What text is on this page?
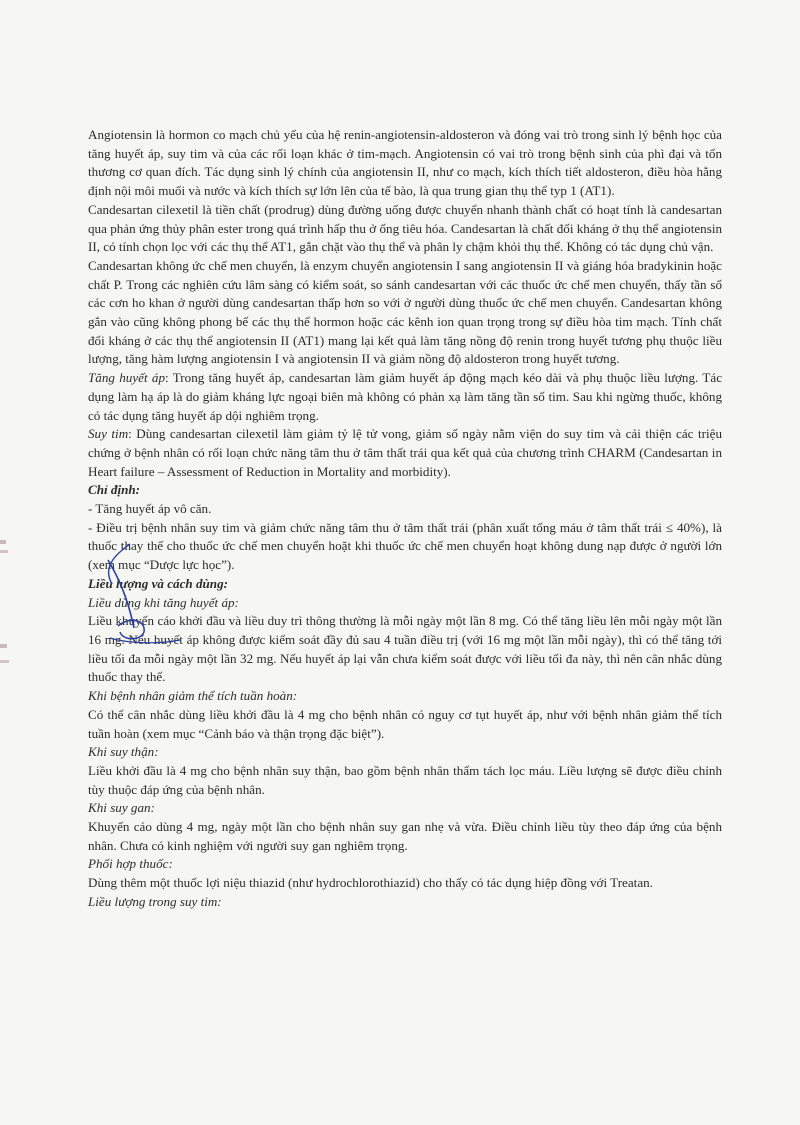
Angiotensin là hormon co mạch chủ yếu của hệ renin-angiotensin-aldosteron và đóng vai trò trong sinh lý bệnh học của tăng huyết áp, suy tim và của các rối loạn khác ở tim-mạch. Angiotensin có vai trò trong bệnh sinh của phì đại và tổn thương cơ quan đích. Tác dụng sinh lý chính của angiotensin II, như co mạch, kích thích tiết aldosteron, điều hòa hằng định nội môi muối và nước và kích thích sự lớn lên của tế bào, là qua trung gian thụ thể typ 1 (AT1).

Candesartan cilexetil là tiền chất (prodrug) dùng đường uống được chuyển nhanh thành chất có hoạt tính là candesartan qua phản ứng thủy phân ester trong quá trình hấp thu ở ống tiêu hóa. Candesartan là chất đối kháng ở thụ thể angiotensin II, có tính chọn lọc với các thụ thể AT1, gắn chặt vào thụ thể và phân ly chậm khỏi thụ thể. Không có tác dụng chủ vận.

Candesartan không ức chế men chuyển, là enzym chuyển angiotensin I sang angiotensin II và giáng hóa bradykinin hoặc chất P. Trong các nghiên cứu lâm sàng có kiểm soát, so sánh candesartan với các thuốc ức chế men chuyển, thấy tần số các cơn ho khan ở người dùng candesartan thấp hơn so với ở người dùng thuốc ức chế men chuyển. Candesartan không gắn vào cũng không phong bế các thụ thể hormon hoặc các kênh ion quan trọng trong sự điều hòa tim mạch. Tính chất đối kháng ở các thụ thể angiotensin II (AT1) mang lại kết quả làm tăng nồng độ renin trong huyết tương phụ thuộc liều lượng, tăng hàm lượng angiotensin I và angiotensin II và giảm nồng độ aldosteron trong huyết tương.

Tăng huyết áp: Trong tăng huyết áp, candesartan làm giảm huyết áp động mạch kéo dài và phụ thuộc liều lượng. Tác dụng làm hạ áp là do giảm kháng lực ngoại biên mà không có phản xạ làm tăng tần số tim. Sau khi ngừng thuốc, không có tác dụng tăng huyết áp dội nghiêm trọng.

Suy tim: Dùng candesartan cilexetil làm giảm tỷ lệ tử vong, giảm số ngày nằm viện do suy tim và cải thiện các triệu chứng ở bệnh nhân có rối loạn chức năng tâm thu ở tâm thất trái qua kết quả của chương trình CHARM (Candesartan in Heart failure – Assessment of Reduction in Mortality and morbidity).

Chỉ định:

- Tăng huyết áp vô căn.

- Điều trị bệnh nhân suy tim và giảm chức năng tâm thu ở tâm thất trái (phân xuất tống máu ở tâm thất trái ≤ 40%), là thuốc thay thế cho thuốc ức chế men chuyển hoặt khi thuốc ức chế men chuyển hoạt không dung nạp được ở người lớn (xem mục “Dược lực học”).

Liều lượng và cách dùng:

Liều dùng khi tăng huyết áp:

Liều khuyến cáo khởi đầu và liều duy trì thông thường là mỗi ngày một lần 8 mg. Có thể tăng liều lên mỗi ngày một lần 16 mg. Nếu huyết áp không được kiểm soát đầy đủ sau 4 tuần điều trị (với 16 mg một lần mỗi ngày), thì có thể tăng tới liều tối đa mỗi ngày một lần 32 mg. Nếu huyết áp lại vẫn chưa kiểm soát được với liều tối đa này, thì nên cân nhắc dùng thuốc thay thế.

Khi bệnh nhân giảm thể tích tuần hoàn:

Có thể cân nhắc dùng liều khởi đầu là 4 mg cho bệnh nhân có nguy cơ tụt huyết áp, như với bệnh nhân giảm thể tích tuần hoàn (xem mục “Cảnh báo và thận trọng đặc biệt”).

Khi suy thận:

Liều khởi đầu là 4 mg cho bệnh nhân suy thận, bao gồm bệnh nhân thẩm tách lọc máu. Liều lượng sẽ được điều chỉnh tùy thuộc đáp ứng của bệnh nhân.

Khi suy gan:

Khuyến cáo dùng 4 mg, ngày một lần cho bệnh nhân suy gan nhẹ và vừa. Điều chỉnh liều tùy theo đáp ứng của bệnh nhân. Chưa có kinh nghiệm với người suy gan nghiêm trọng.

Phối hợp thuốc:

Dùng thêm một thuốc lợi niệu thiazid (như hydrochlorothiazid) cho thấy có tác dụng hiệp đồng với Treatan.

Liều lượng trong suy tim:
